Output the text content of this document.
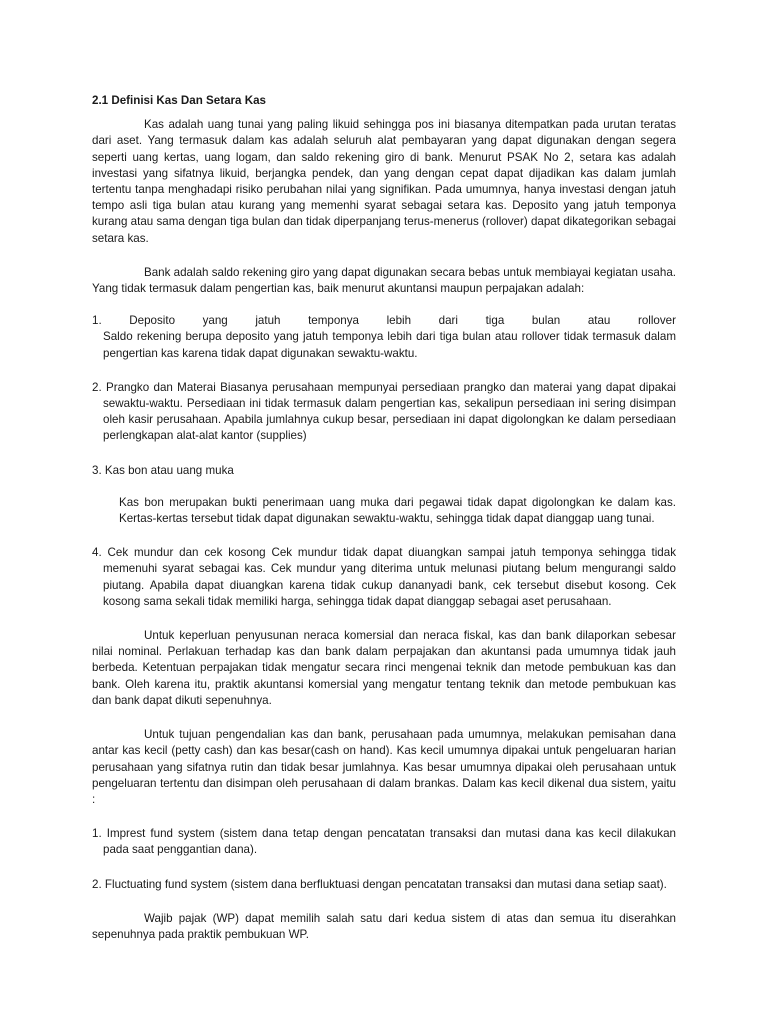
2.1 Definisi Kas Dan Setara Kas
Kas adalah uang tunai yang paling likuid sehingga pos ini biasanya ditempatkan pada urutan teratas dari aset. Yang termasuk dalam kas adalah seluruh alat pembayaran yang dapat digunakan dengan segera seperti uang kertas, uang logam, dan saldo rekening giro di bank. Menurut PSAK No 2, setara kas adalah investasi yang sifatnya likuid, berjangka pendek, dan yang dengan cepat dapat dijadikan kas dalam jumlah tertentu tanpa menghadapi risiko perubahan nilai yang signifikan. Pada umumnya, hanya investasi dengan jatuh tempo asli tiga bulan atau kurang yang memenhi syarat sebagai setara kas. Deposito yang jatuh temponya kurang atau sama dengan tiga bulan dan tidak diperpanjang terus-menerus (rollover) dapat dikategorikan sebagai setara kas.
Bank adalah saldo rekening giro yang dapat digunakan secara bebas untuk membiayai kegiatan usaha. Yang tidak termasuk dalam pengertian kas, baik menurut akuntansi maupun perpajakan adalah:
1. Deposito yang jatuh temponya lebih dari tiga bulan atau rollover
Saldo rekening berupa deposito yang jatuh temponya lebih dari tiga bulan atau rollover tidak termasuk dalam pengertian kas karena tidak dapat digunakan sewaktu-waktu.
2. Prangko dan Materai Biasanya perusahaan mempunyai persediaan prangko dan materai yang dapat dipakai sewaktu-waktu. Persediaan ini tidak termasuk dalam pengertian kas, sekalipun persediaan ini sering disimpan oleh kasir perusahaan. Apabila jumlahnya cukup besar, persediaan ini dapat digolongkan ke dalam persediaan perlengkapan alat-alat kantor (supplies)
3. Kas bon atau uang muka
Kas bon merupakan bukti penerimaan uang muka dari pegawai tidak dapat digolongkan ke dalam kas. Kertas-kertas tersebut tidak dapat digunakan sewaktu-waktu, sehingga tidak dapat dianggap uang tunai.
4. Cek mundur dan cek kosong Cek mundur tidak dapat diuangkan sampai jatuh temponya sehingga tidak memenuhi syarat sebagai kas. Cek mundur yang diterima untuk melunasi piutang belum mengurangi saldo piutang. Apabila dapat diuangkan karena tidak cukup dananyadi bank, cek tersebut disebut kosong. Cek kosong sama sekali tidak memiliki harga, sehingga tidak dapat dianggap sebagai aset perusahaan.
Untuk keperluan penyusunan neraca komersial dan neraca fiskal, kas dan bank dilaporkan sebesar nilai nominal. Perlakuan terhadap kas dan bank dalam perpajakan dan akuntansi pada umumnya tidak jauh berbeda. Ketentuan perpajakan tidak mengatur secara rinci mengenai teknik dan metode pembukuan kas dan bank. Oleh karena itu, praktik akuntansi komersial yang mengatur tentang teknik dan metode pembukuan kas dan bank dapat dikuti sepenuhnya.
Untuk tujuan pengendalian kas dan bank, perusahaan pada umumnya, melakukan pemisahan dana antar kas kecil (petty cash) dan kas besar(cash on hand). Kas kecil umumnya dipakai untuk pengeluaran harian perusahaan yang sifatnya rutin dan tidak besar jumlahnya. Kas besar umumnya dipakai oleh perusahaan untuk pengeluaran tertentu dan disimpan oleh perusahaan di dalam brankas. Dalam kas kecil dikenal dua sistem, yaitu :
1. Imprest fund system (sistem dana tetap dengan pencatatan transaksi dan mutasi dana kas kecil dilakukan pada saat penggantian dana).
2. Fluctuating fund system (sistem dana berfluktuasi dengan pencatatan transaksi dan mutasi dana setiap saat).
Wajib pajak (WP) dapat memilih salah satu dari kedua sistem di atas dan semua itu diserahkan sepenuhnya pada praktik pembukuan WP.
